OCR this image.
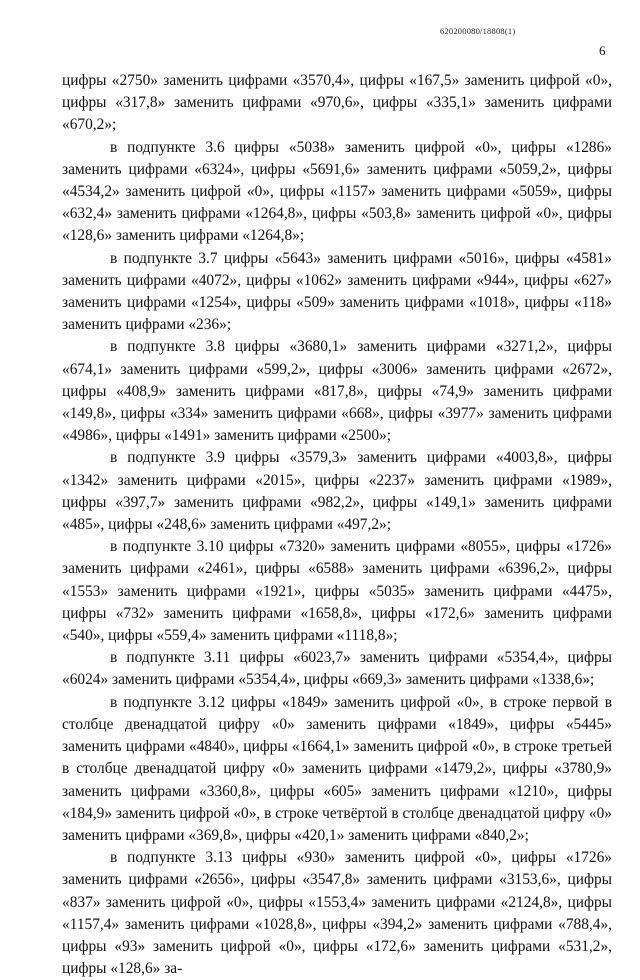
620200080/18808(1)
6

цифры «2750» заменить цифрами «3570,4», цифры «167,5» заменить цифрой «0», цифры «317,8» заменить цифрами «970,6», цифры «335,1» заменить цифрами «670,2»;

в подпункте 3.6 цифры «5038» заменить цифрой «0», цифры «1286» заменить цифрами «6324», цифры «5691,6» заменить цифрами «5059,2», цифры «4534,2» заменить цифрой «0», цифры «1157» заменить цифрами «5059», цифры «632,4» заменить цифрами «1264,8», цифры «503,8» заменить цифрой «0», цифры «128,6» заменить цифрами «1264,8»;

в подпункте 3.7 цифры «5643» заменить цифрами «5016», цифры «4581» заменить цифрами «4072», цифры «1062» заменить цифрами «944», цифры «627» заменить цифрами «1254», цифры «509» заменить цифрами «1018», цифры «118» заменить цифрами «236»;

в подпункте 3.8 цифры «3680,1» заменить цифрами «3271,2», цифры «674,1» заменить цифрами «599,2», цифры «3006» заменить цифрами «2672», цифры «408,9» заменить цифрами «817,8», цифры «74,9» заменить цифрами «149,8», цифры «334» заменить цифрами «668», цифры «3977» заменить цифрами «4986», цифры «1491» заменить цифрами «2500»;

в подпункте 3.9 цифры «3579,3» заменить цифрами «4003,8», цифры «1342» заменить цифрами «2015», цифры «2237» заменить цифрами «1989», цифры «397,7» заменить цифрами «982,2», цифры «149,1» заменить цифрами «485», цифры «248,6» заменить цифрами «497,2»;

в подпункте 3.10 цифры «7320» заменить цифрами «8055», цифры «1726» заменить цифрами «2461», цифры «6588» заменить цифрами «6396,2», цифры «1553» заменить цифрами «1921», цифры «5035» заменить цифрами «4475», цифры «732» заменить цифрами «1658,8», цифры «172,6» заменить цифрами «540», цифры «559,4» заменить цифрами «1118,8»;

в подпункте 3.11 цифры «6023,7» заменить цифрами «5354,4», цифры «6024» заменить цифрами «5354,4», цифры «669,3» заменить цифрами «1338,6»;

в подпункте 3.12 цифры «1849» заменить цифрой «0», в строке первой в столбце двенадцатой цифру «0» заменить цифрами «1849», цифры «5445» заменить цифрами «4840», цифры «1664,1» заменить цифрой «0», в строке третьей в столбце двенадцатой цифру «0» заменить цифрами «1479,2», цифры «3780,9» заменить цифрами «3360,8», цифры «605» заменить цифрами «1210», цифры «184,9» заменить цифрой «0», в строке четвёртой в столбце двенадцатой цифру «0» заменить цифрами «369,8», цифры «420,1» заменить цифрами «840,2»;

в подпункте 3.13 цифры «930» заменить цифрой «0», цифры «1726» заменить цифрами «2656», цифры «3547,8» заменить цифрами «3153,6», цифры «837» заменить цифрой «0», цифры «1553,4» заменить цифрами «2124,8», цифры «1157,4» заменить цифрами «1028,8», цифры «394,2» заменить цифрами «788,4», цифры «93» заменить цифрой «0», цифры «172,6» заменить цифрами «531,2», цифры «128,6» за-
